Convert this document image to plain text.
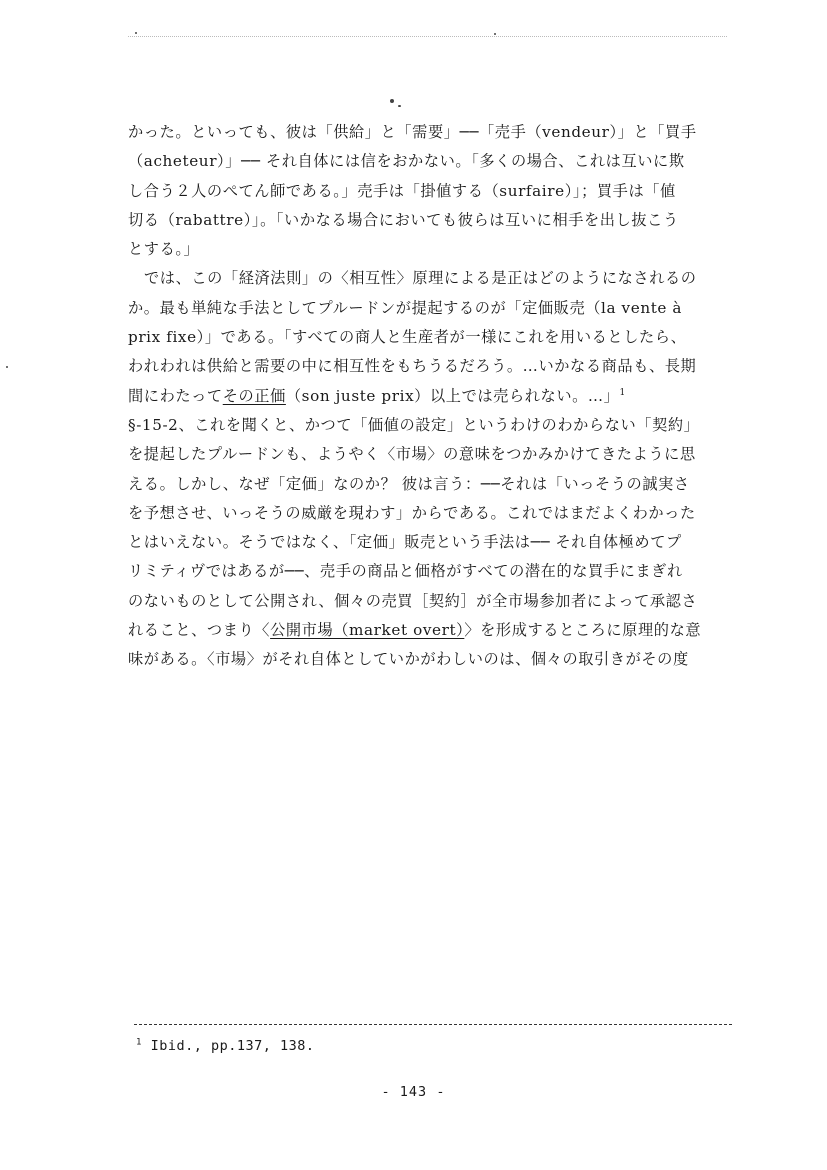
かった。といっても、彼は「供給」と「需要」──「売手（vendeur）」と「買手
（acheteur）」── それ自体には信をおかない。「多くの場合、これは互いに欺
し合う２人のぺてん師である。」売手は「掛値する（surfaire）」；買手は「値
切る（rabattre）」。「いかなる場合においても彼らは互いに相手を出し抜こう
とする。」
では、この「経済法則」の〈相互性〉原理による是正はどのようになされるの
か。最も単純な手法としてプルードンが提起するのが「定価販売（la vente à
prix fixe）」である。「すべての商人と生産者が一様にこれを用いるとしたら、
われわれは供給と需要の中に相互性をもちうるだろう。…いかなる商品も、長期
間にわたってその正価（son juste prix）以上では売られない。…」$^1$
§-15-2、これを聞くと、かつて「価値の設定」というわけのわからない「契約」
を提起したプルードンも、ようやく〈市場〉の意味をつかみかけてきたように思
える。しかし、なぜ「定価」なのか？ 彼は言う：──それは「いっそうの誠実さ
を予想させ、いっそうの威厳を現わす」からである。これではまだよくわかった
とはいえない。そうではなく、「定価」販売という手法は── それ自体極めてプ
リミティヴではあるが──、売手の商品と価格がすべての潜在的な買手にまぎれ
のないものとして公開され、個々の売買［契約］が全市場参加者によって承認さ
れること、つまり〈公開市場（market overt）〉を形成するところに原理的な意
味がある。〈市場〉がそれ自体としていかがわしいのは、個々の取引きがその度
$^1$ Ibid., pp.137, 138.
- 143 -
